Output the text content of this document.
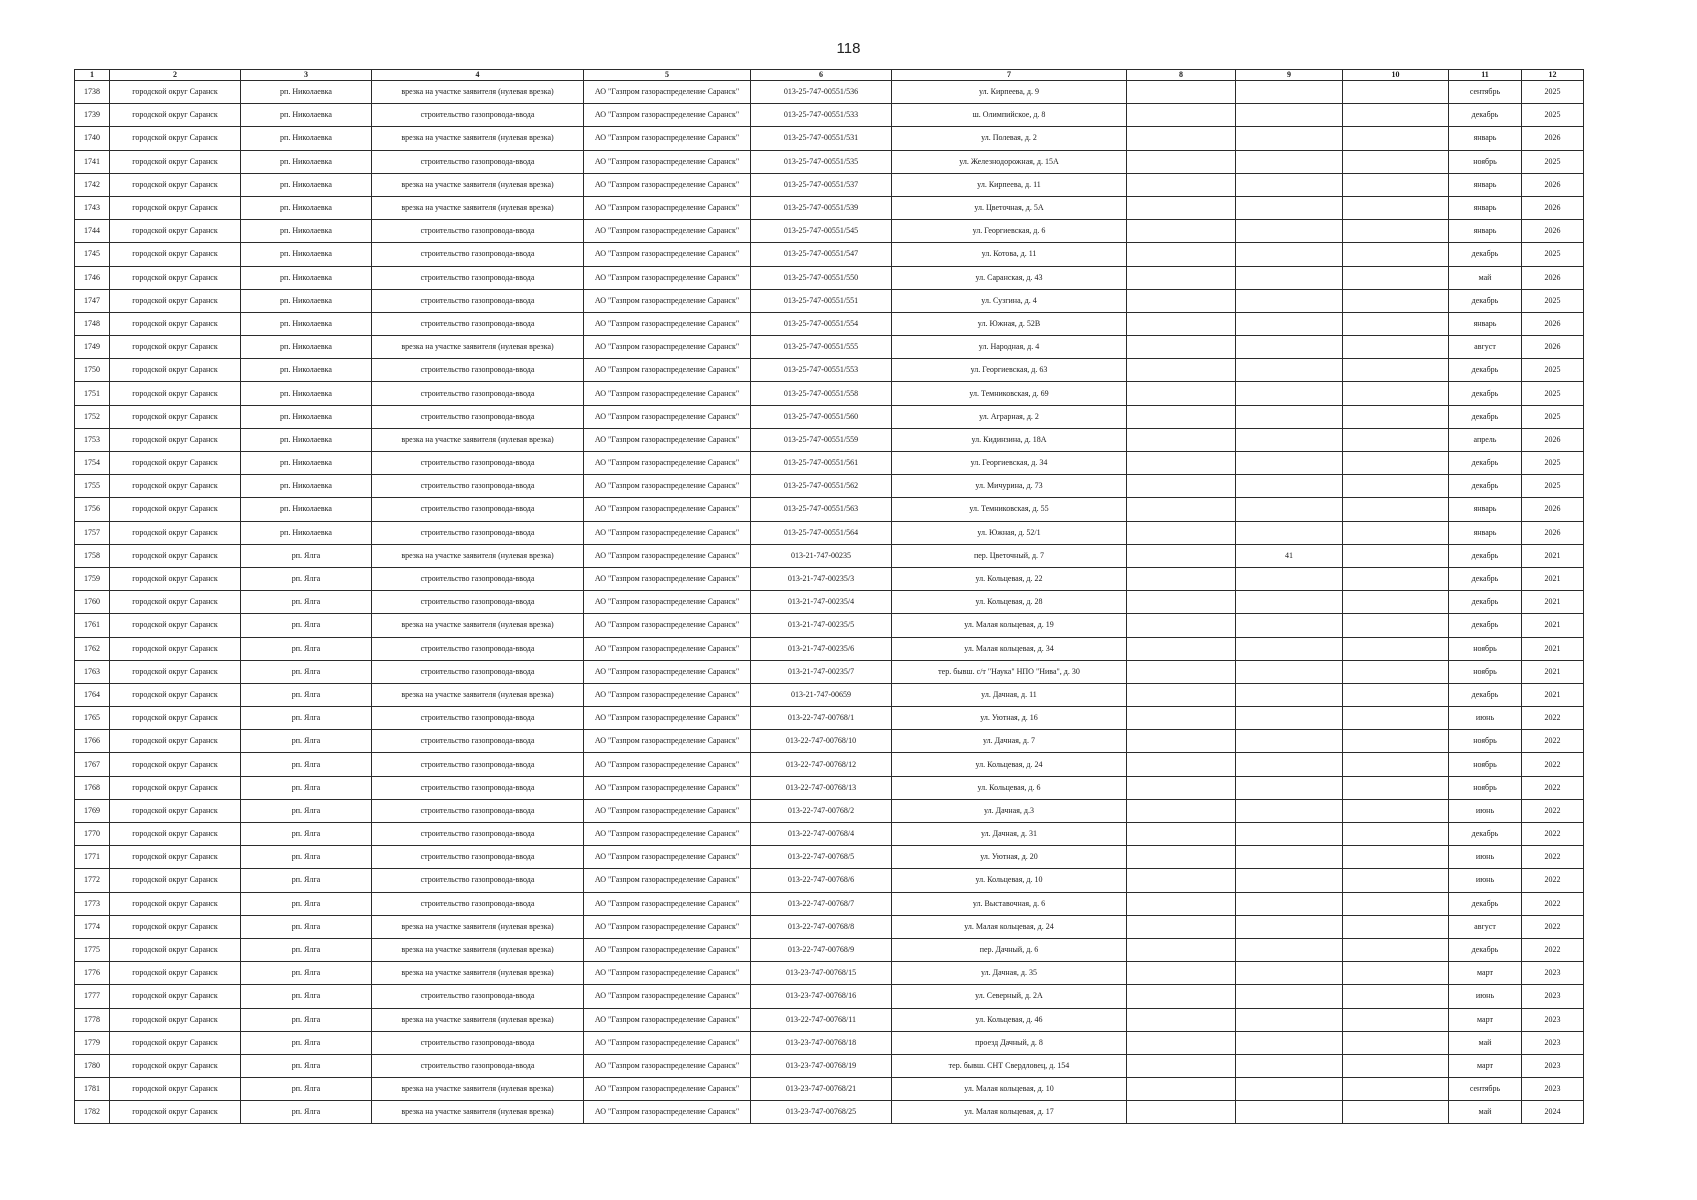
118
1	2	3	4	5	6	7	8	9	10	11	12
1738	городской округ Саранск	рп. Николаевка	врезка на участке заявителя (нулевая врезка)	АО "Газпром газораспределение Саранск"	013-25-747-00551/536	ул. Кирпеева, д. 9				сентябрь	2025
1739	городской округ Саранск	рп. Николаевка	строительство газопровода-ввода	АО "Газпром газораспределение Саранск"	013-25-747-00551/533	ш. Олимпийское, д. 8				декабрь	2025
1740	городской округ Саранск	рп. Николаевка	врезка на участке заявителя (нулевая врезка)	АО "Газпром газораспределение Саранск"	013-25-747-00551/531	ул. Полевая, д. 2				январь	2026
1741	городской округ Саранск	рп. Николаевка	строительство газопровода-ввода	АО "Газпром газораспределение Саранск"	013-25-747-00551/535	ул. Железнодорожная, д. 15А				ноябрь	2025
1742	городской округ Саранск	рп. Николаевка	врезка на участке заявителя (нулевая врезка)	АО "Газпром газораспределение Саранск"	013-25-747-00551/537	ул. Кирпеева, д. 11				январь	2026
1743	городской округ Саранск	рп. Николаевка	врезка на участке заявителя (нулевая врезка)	АО "Газпром газораспределение Саранск"	013-25-747-00551/539	ул. Цветочная, д. 5А				январь	2026
1744	городской округ Саранск	рп. Николаевка	строительство газопровода-ввода	АО "Газпром газораспределение Саранск"	013-25-747-00551/545	ул. Георгиевская, д. 6				январь	2026
1745	городской округ Саранск	рп. Николаевка	строительство газопровода-ввода	АО "Газпром газораспределение Саранск"	013-25-747-00551/547	ул. Котова, д. 11				декабрь	2025
1746	городской округ Саранск	рп. Николаевка	строительство газопровода-ввода	АО "Газпром газораспределение Саранск"	013-25-747-00551/550	ул. Саранская, д. 43				май	2026
1747	городской округ Саранск	рп. Николаевка	строительство газопровода-ввода	АО "Газпром газораспределение Саранск"	013-25-747-00551/551	ул. Сузгина, д. 4				декабрь	2025
1748	городской округ Саранск	рп. Николаевка	строительство газопровода-ввода	АО "Газпром газораспределение Саранск"	013-25-747-00551/554	ул. Южная, д. 52В				январь	2026
1749	городской округ Саранск	рп. Николаевка	врезка на участке заявителя (нулевая врезка)	АО "Газпром газораспределение Саранск"	013-25-747-00551/555	ул. Народная, д. 4				август	2026
1750	городской округ Саранск	рп. Николаевка	строительство газопровода-ввода	АО "Газпром газораспределение Саранск"	013-25-747-00551/553	ул. Георгиевская, д. 63				декабрь	2025
1751	городской округ Саранск	рп. Николаевка	строительство газопровода-ввода	АО "Газпром газораспределение Саранск"	013-25-747-00551/558	ул. Темниковская, д. 69				декабрь	2025
1752	городской округ Саранск	рп. Николаевка	строительство газопровода-ввода	АО "Газпром газораспределение Саранск"	013-25-747-00551/560	ул. Аграрная, д. 2				декабрь	2025
1753	городской округ Саранск	рп. Николаевка	врезка на участке заявителя (нулевая врезка)	АО "Газпром газораспределение Саранск"	013-25-747-00551/559	ул. Кидинзина, д. 18А				апрель	2026
1754	городской округ Саранск	рп. Николаевка	строительство газопровода-ввода	АО "Газпром газораспределение Саранск"	013-25-747-00551/561	ул. Георгиевская, д. 34				декабрь	2025
1755	городской округ Саранск	рп. Николаевка	строительство газопровода-ввода	АО "Газпром газораспределение Саранск"	013-25-747-00551/562	ул. Мичурина, д. 73				декабрь	2025
1756	городской округ Саранск	рп. Николаевка	строительство газопровода-ввода	АО "Газпром газораспределение Саранск"	013-25-747-00551/563	ул. Темниковская, д. 55				январь	2026
1757	городской округ Саранск	рп. Николаевка	строительство газопровода-ввода	АО "Газпром газораспределение Саранск"	013-25-747-00551/564	ул. Южная, д. 52/1				январь	2026
1758	городской округ Саранск	рп. Ялга	врезка на участке заявителя (нулевая врезка)	АО "Газпром газораспределение Саранск"	013-21-747-00235	пер. Цветочный, д. 7		41		декабрь	2021
1759	городской округ Саранск	рп. Ялга	строительство газопровода-ввода	АО "Газпром газораспределение Саранск"	013-21-747-00235/3	ул. Кольцевая, д. 22				декабрь	2021
1760	городской округ Саранск	рп. Ялга	строительство газопровода-ввода	АО "Газпром газораспределение Саранск"	013-21-747-00235/4	ул. Кольцевая, д. 28				декабрь	2021
1761	городской округ Саранск	рп. Ялга	врезка на участке заявителя (нулевая врезка)	АО "Газпром газораспределение Саранск"	013-21-747-00235/5	ул. Малая кольцевая, д. 19				декабрь	2021
1762	городской округ Саранск	рп. Ялга	строительство газопровода-ввода	АО "Газпром газораспределение Саранск"	013-21-747-00235/6	ул. Малая кольцевая, д. 34				ноябрь	2021
1763	городской округ Саранск	рп. Ялга	строительство газопровода-ввода	АО "Газпром газораспределение Саранск"	013-21-747-00235/7	тер. бывш. с/т "Наука" НПО "Нива", д. 30				ноябрь	2021
1764	городской округ Саранск	рп. Ялга	врезка на участке заявителя (нулевая врезка)	АО "Газпром газораспределение Саранск"	013-21-747-00659	ул. Дачная, д. 11				декабрь	2021
1765	городской округ Саранск	рп. Ялга	строительство газопровода-ввода	АО "Газпром газораспределение Саранск"	013-22-747-00768/1	ул. Уютная, д. 16				июнь	2022
1766	городской округ Саранск	рп. Ялга	строительство газопровода-ввода	АО "Газпром газораспределение Саранск"	013-22-747-00768/10	ул. Дачная, д. 7				ноябрь	2022
1767	городской округ Саранск	рп. Ялга	строительство газопровода-ввода	АО "Газпром газораспределение Саранск"	013-22-747-00768/12	ул. Кольцевая, д. 24				ноябрь	2022
1768	городской округ Саранск	рп. Ялга	строительство газопровода-ввода	АО "Газпром газораспределение Саранск"	013-22-747-00768/13	ул. Кольцевая, д. 6				ноябрь	2022
1769	городской округ Саранск	рп. Ялга	строительство газопровода-ввода	АО "Газпром газораспределение Саранск"	013-22-747-00768/2	ул. Дачная, д.3				июнь	2022
1770	городской округ Саранск	рп. Ялга	строительство газопровода-ввода	АО "Газпром газораспределение Саранск"	013-22-747-00768/4	ул. Дачная, д. 31				декабрь	2022
1771	городской округ Саранск	рп. Ялга	строительство газопровода-ввода	АО "Газпром газораспределение Саранск"	013-22-747-00768/5	ул. Уютная, д. 20				июнь	2022
1772	городской округ Саранск	рп. Ялга	строительство газопровода-ввода	АО "Газпром газораспределение Саранск"	013-22-747-00768/6	ул. Кольцевая, д. 10				июнь	2022
1773	городской округ Саранск	рп. Ялга	строительство газопровода-ввода	АО "Газпром газораспределение Саранск"	013-22-747-00768/7	ул. Выставочная, д. 6				декабрь	2022
1774	городской округ Саранск	рп. Ялга	врезка на участке заявителя (нулевая врезка)	АО "Газпром газораспределение Саранск"	013-22-747-00768/8	ул. Малая кольцевая, д. 24				август	2022
1775	городской округ Саранск	рп. Ялга	врезка на участке заявителя (нулевая врезка)	АО "Газпром газораспределение Саранск"	013-22-747-00768/9	пер. Дачный, д. 6				декабрь	2022
1776	городской округ Саранск	рп. Ялга	врезка на участке заявителя (нулевая врезка)	АО "Газпром газораспределение Саранск"	013-23-747-00768/15	ул. Дачная, д. 35				март	2023
1777	городской округ Саранск	рп. Ялга	строительство газопровода-ввода	АО "Газпром газораспределение Саранск"	013-23-747-00768/16	ул. Северный, д. 2А				июнь	2023
1778	городской округ Саранск	рп. Ялга	врезка на участке заявителя (нулевая врезка)	АО "Газпром газораспределение Саранск"	013-22-747-00768/11	ул. Кольцевая, д. 46				март	2023
1779	городской округ Саранск	рп. Ялга	строительство газопровода-ввода	АО "Газпром газораспределение Саранск"	013-23-747-00768/18	проезд Дачный, д. 8				май	2023
1780	городской округ Саранск	рп. Ялга	строительство газопровода-ввода	АО "Газпром газораспределение Саранск"	013-23-747-00768/19	тер. бывш. СНТ Свердловец, д. 154				март	2023
1781	городской округ Саранск	рп. Ялга	врезка на участке заявителя (нулевая врезка)	АО "Газпром газораспределение Саранск"	013-23-747-00768/21	ул. Малая кольцевая, д. 10				сентябрь	2023
1782	городской округ Саранск	рп. Ялга	врезка на участке заявителя (нулевая врезка)	АО "Газпром газораспределение Саранск"	013-23-747-00768/25	ул. Малая кольцевая, д. 17				май	2024
